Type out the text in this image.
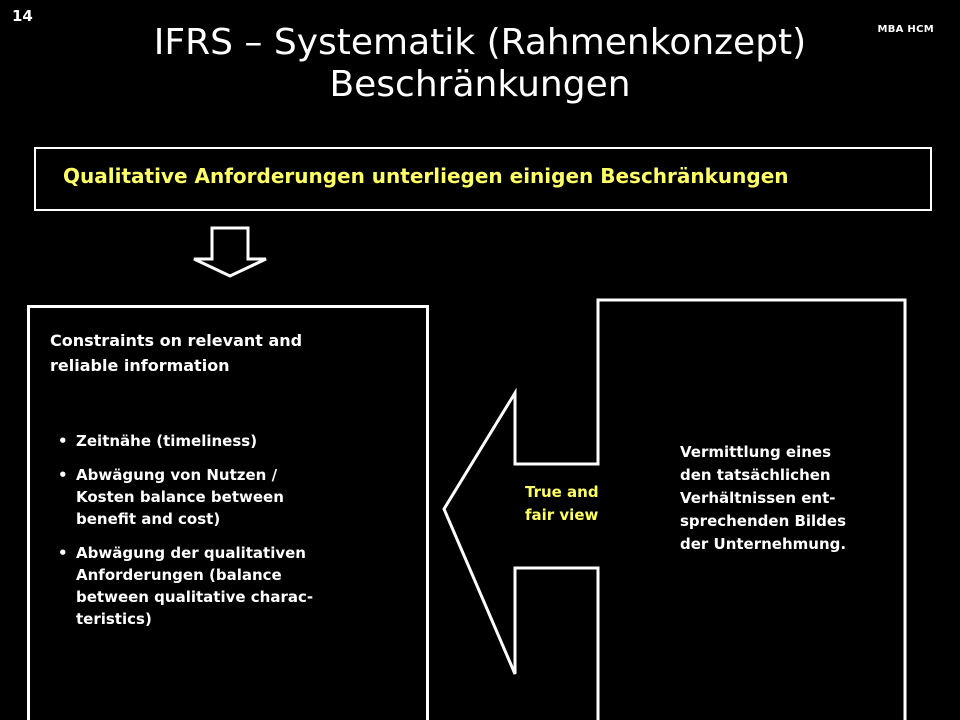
14
MBA HCM
IFRS – Systematik (Rahmenkonzept)
Beschränkungen
Qualitative Anforderungen unterliegen einigen Beschränkungen
Constraints on relevant and
reliable information
• Zeitnähe (timeliness)
• Abwägung von Nutzen /
Kosten balance between
benefit and cost)
• Abwägung der qualitativen
Anforderungen (balance
between qualitative charac-
teristics)
True and
fair view
Vermittlung eines
den tatsächlichen
Verhältnissen ent-
sprechenden Bildes
der Unternehmung.
